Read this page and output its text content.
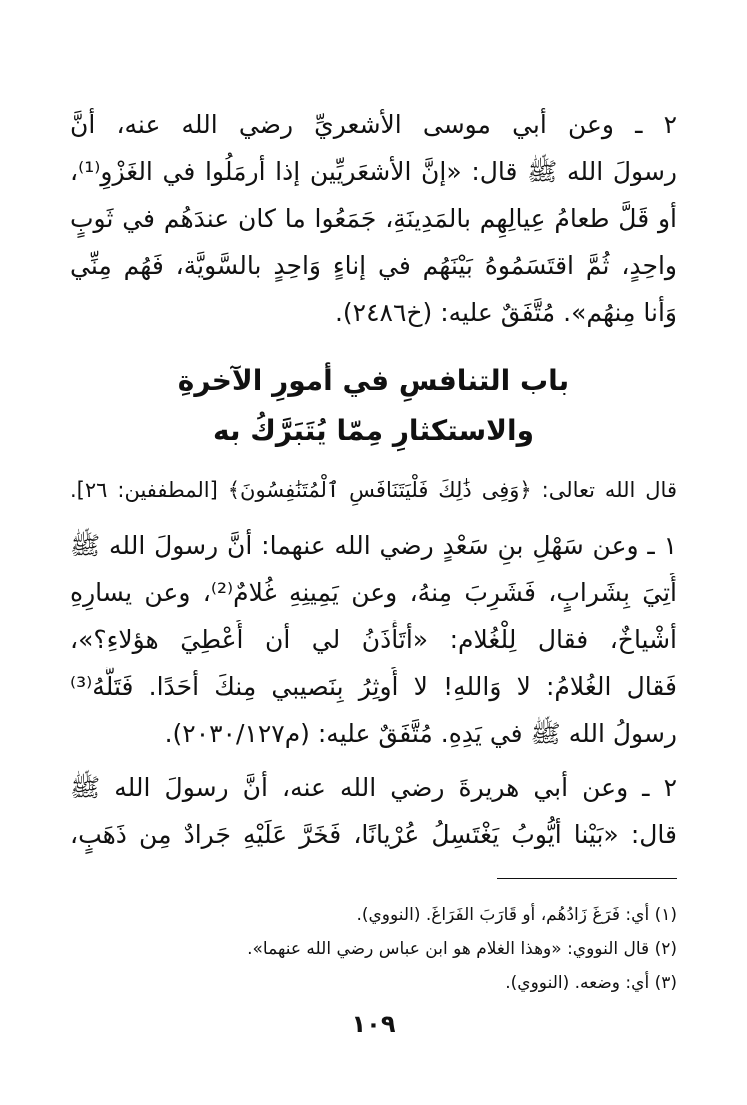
٢ ـ وعن أبي موسى الأشعريِّ رضي الله عنه، أنَّ
رسولَ الله ﷺ قال: «إنَّ الأشعَريِّين إذا أرمَلُوا في الغَزْوِ⁽¹⁾،
أو قَلَّ طعامُ عِيالِهِم بالمَدِينَةِ، جَمَعُوا ما كان عندَهُم في ثَوبٍ
واحِدٍ، ثُمَّ اقتَسَمُوهُ بَيْنَهُم في إناءٍ وَاحِدٍ بالسَّويَّة، فَهُم مِنِّي
وَأنا مِنهُم». مُتَّفَقٌ عليه: (خ٢٤٨٦).
باب التنافسِ في أمورِ الآخرةِ
والاستكثارِ مِمّا يُتَبَرَّكُ به
قال الله تعالى: ﴿وَفِى ذَٰلِكَ فَلْيَتَنَافَسِ ٱلْمُتَنَٰفِسُونَ﴾ [المطففين: ٢٦].
١ ـ وعن سَهْلِ بنِ سَعْدٍ رضي الله عنهما: أنَّ رسولَ الله ﷺ
أُتِيَ بِشَرابٍ، فَشَرِبَ مِنهُ، وعن يَمِينِهِ غُلامٌ⁽²⁾، وعن يسارِهِ
أشْياخٌ، فقال لِلْغُلام: «أتَأْذَنُ لي أن أُعْطِيَ هؤلاءِ؟»،
فَقال الغُلامُ: لا وَاللهِ! لا أُوثِرُ بِنَصيبي مِنكَ أحَدًا. فَتَلَّهُ⁽³⁾
رسولُ الله ﷺ في يَدِهِ. مُتَّفَقٌ عليه: (م٢٠٣٠/١٢٧).
٢ ـ وعن أبي هريرةَ رضي الله عنه، أنَّ رسولَ الله ﷺ
قال: «بَيْنا أيُّوبُ يَغْتَسِلُ عُرْيانًا، فَخَرَّ عَلَيْهِ جَرادٌ مِن ذَهَبٍ،
(١) أي: فَرَغَ زَادُهُم، أو قَارَبَ الفَرَاغَ. (النووي).
(٢) قال النووي: «وهذا الغلام هو ابن عباس رضي الله عنهما».
(٣) أي: وضعه. (النووي).
١٠٩
